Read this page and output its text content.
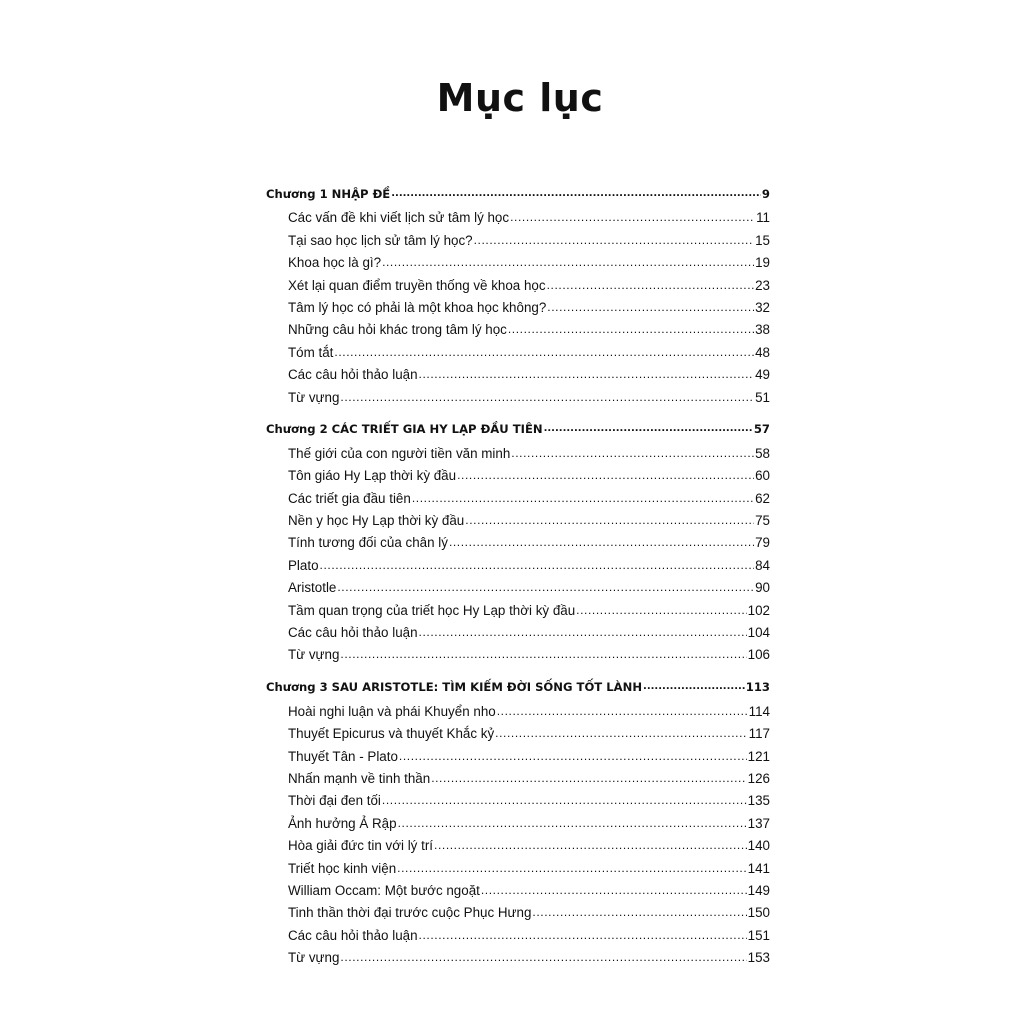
Mục lục
Chương 1 NHẬP ĐỀ .....	9
Các vấn đề khi viết lịch sử tâm lý học .....	11
Tại sao học lịch sử tâm lý học? .....	15
Khoa học là gì? .....	19
Xét lại quan điểm truyền thống về khoa học .....	23
Tâm lý học có phải là một khoa học không? .....	32
Những câu hỏi khác trong tâm lý học .....	38
Tóm tắt .....	48
Các câu hỏi thảo luận .....	49
Từ vựng .....	51
Chương 2 CÁC TRIẾT GIA HY LẠP ĐẦU TIÊN .....	57
Thế giới của con người tiền văn minh .....	58
Tôn giáo Hy Lạp thời kỳ đầu .....	60
Các triết gia đầu tiên .....	62
Nền y học Hy Lạp thời kỳ đầu .....	75
Tính tương đối của chân lý .....	79
Plato .....	84
Aristotle .....	90
Tầm quan trọng của triết học Hy Lạp thời kỳ đầu .....	102
Các câu hỏi thảo luận .....	104
Từ vựng .....	106
Chương 3 SAU ARISTOTLE: TÌM KIẾM ĐỜI SỐNG TỐT LÀNH .....	113
Hoài nghi luận và phái Khuyển nho .....	114
Thuyết Epicurus và thuyết Khắc kỷ .....	117
Thuyết Tân - Plato .....	121
Nhấn mạnh về tinh thần .....	126
Thời đại đen tối .....	135
Ảnh hưởng Ả Rập .....	137
Hòa giải đức tin với lý trí .....	140
Triết học kinh viện .....	141
William Occam: Một bước ngoặt .....	149
Tinh thần thời đại trước cuộc Phục Hưng .....	150
Các câu hỏi thảo luận .....	151
Từ vựng .....	153
